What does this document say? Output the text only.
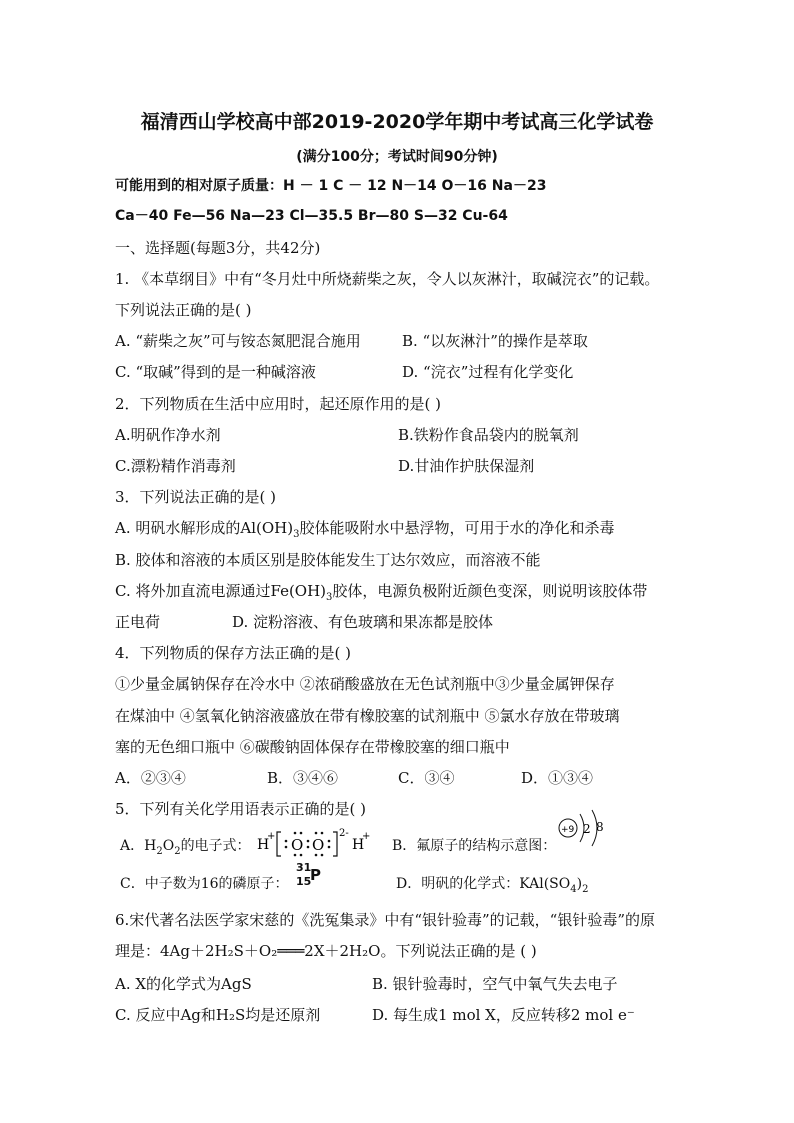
福清西山学校高中部2019-2020学年期中考试高三化学试卷
(满分100分；考试时间90分钟)
可能用到的相对原子质量：H － 1 C － 12 N－14 O－16 Na－23
Ca－40 Fe—56 Na—23 Cl—35.5 Br—80 S—32 Cu-64
一、选择题(每题3分，共42分)
1. 《本草纲目》中有“冬月灶中所烧薪柴之灰，令人以灰淋汁，取碱浣衣”的记载。
下列说法正确的是( )
A. “薪柴之灰”可与铵态氮肥混合施用	B. “以灰淋汁”的操作是萃取
C. “取碱”得到的是一种碱溶液	D. “浣衣”过程有化学变化
2．下列物质在生活中应用时，起还原作用的是( )
A.明矾作净水剂	B.铁粉作食品袋内的脱氧剂
C.漂粉精作消毒剂	D.甘油作护肤保湿剂
3．下列说法正确的是( )
A. 明矾水解形成的$Al(OH)_3$胶体能吸附水中悬浮物，可用于水的净化和杀毒
B. 胶体和溶液的本质区别是胶体能发生丁达尔效应，而溶液不能
C. 将外加直流电源通过$Fe(OH)_3$胶体，电源负极附近颜色变深，则说明该胶体带
正电荷	D. 淀粉溶液、有色玻璃和果冻都是胶体
4．下列物质的保存方法正确的是( )
①少量金属钠保存在冷水中 ②浓硝酸盛放在无色试剂瓶中③少量金属钾保存
在煤油中 ④氢氧化钠溶液盛放在带有橡胶塞的试剂瓶中 ⑤氯水存放在带玻璃
塞的无色细口瓶中 ⑥碳酸钠固体保存在带橡胶塞的细口瓶中
A．②③④	B．③④⑥	C．③④	D．①③④
5．下列有关化学用语表示正确的是( )
A．$H_2O_2$的电子式： H
+ O O
2-
H
+
B．氟原子的结构示意图：
+9 2 8
C．中子数为16的磷原子：
31
15
P	D．明矾的化学式：$KAl(SO_4)_2$
6.宋代著名法医学家宋慈的《洗冤集录》中有“银针验毒”的记载，“银针验毒”的原
理是：4Ag＋2H₂S＋O₂═══2X＋2H₂O。下列说法正确的是 ( )
A. X的化学式为AgS	B. 银针验毒时，空气中氧气失去电子
C. 反应中Ag和H₂S均是还原剂	D. 每生成1 mol X，反应转移2 mol e⁻
